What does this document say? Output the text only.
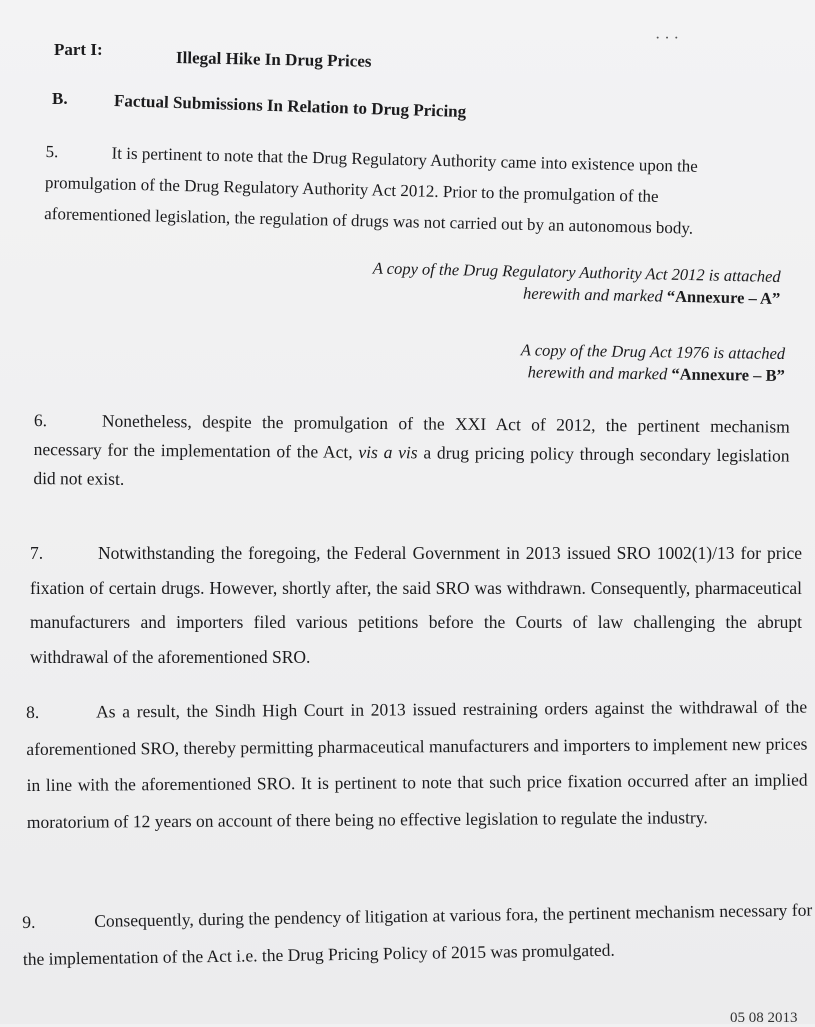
Part I:	Illegal Hike In Drug Prices
B.	Factual Submissions In Relation to Drug Pricing
5.	It is pertinent to note that the Drug Regulatory Authority came into existence upon the
promulgation of the Drug Regulatory Authority Act 2012. Prior to the promulgation of the
aforementioned legislation, the regulation of drugs was not carried out by an autonomous body.
A copy of the Drug Regulatory Authority Act 2012 is attached
herewith and marked “Annexure – A”
A copy of the Drug Act 1976 is attached
herewith and marked “Annexure – B”
6.	Nonetheless, despite the promulgation of the XXI Act of 2012, the pertinent mechanism necessary for the implementation of the Act, vis a vis a drug pricing policy through secondary legislation did not exist.
7.	Notwithstanding the foregoing, the Federal Government in 2013 issued SRO 1002(1)/13 for price fixation of certain drugs. However, shortly after, the said SRO was withdrawn. Consequently, pharmaceutical manufacturers and importers filed various petitions before the Courts of law challenging the abrupt withdrawal of the aforementioned SRO.
8.	As a result, the Sindh High Court in 2013 issued restraining orders against the withdrawal of the aforementioned SRO, thereby permitting pharmaceutical manufacturers and importers to implement new prices in line with the aforementioned SRO. It is pertinent to note that such price fixation occurred after an implied moratorium of 12 years on account of there being no effective legislation to regulate the industry.
9.	Consequently, during the pendency of litigation at various fora, the pertinent mechanism necessary for the implementation of the Act i.e. the Drug Pricing Policy of 2015 was promulgated.
05 08 2013
· · ·
